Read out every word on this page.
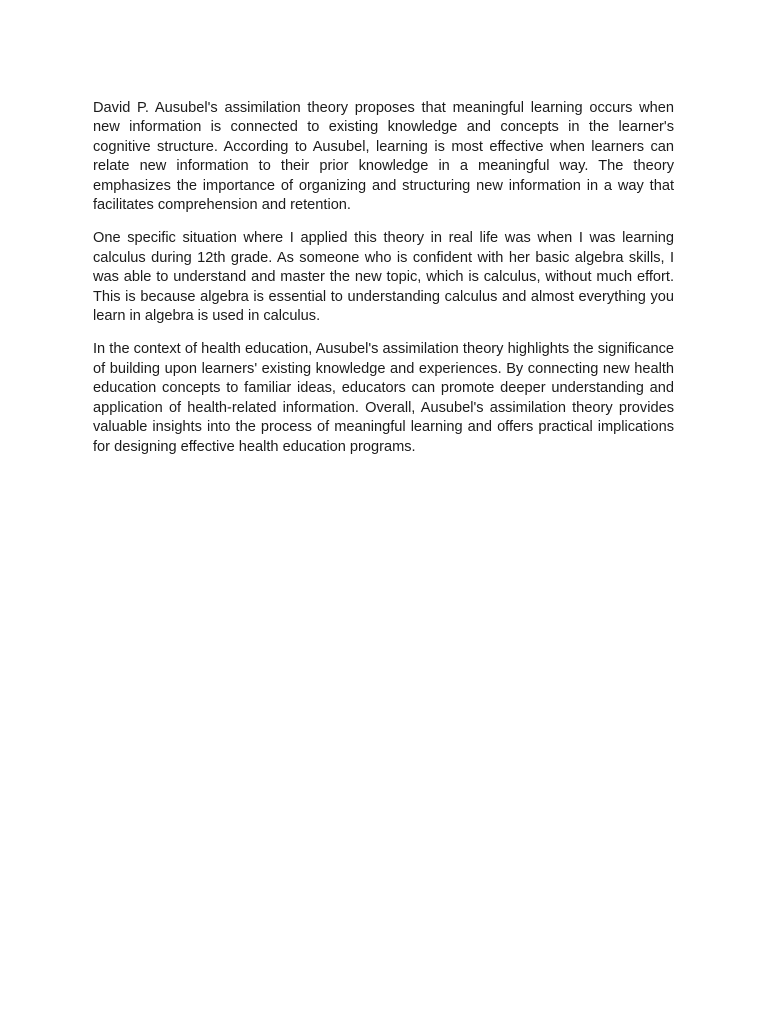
David P. Ausubel's assimilation theory proposes that meaningful learning occurs when new information is connected to existing knowledge and concepts in the learner's cognitive structure. According to Ausubel, learning is most effective when learners can relate new information to their prior knowledge in a meaningful way. The theory emphasizes the importance of organizing and structuring new information in a way that facilitates comprehension and retention.

One specific situation where I applied this theory in real life was when I was learning calculus during 12th grade. As someone who is confident with her basic algebra skills, I was able to understand and master the new topic, which is calculus, without much effort. This is because algebra is essential to understanding calculus and almost everything you learn in algebra is used in calculus.

In the context of health education, Ausubel's assimilation theory highlights the significance of building upon learners' existing knowledge and experiences. By connecting new health education concepts to familiar ideas, educators can promote deeper understanding and application of health-related information. Overall, Ausubel's assimilation theory provides valuable insights into the process of meaningful learning and offers practical implications for designing effective health education programs.
